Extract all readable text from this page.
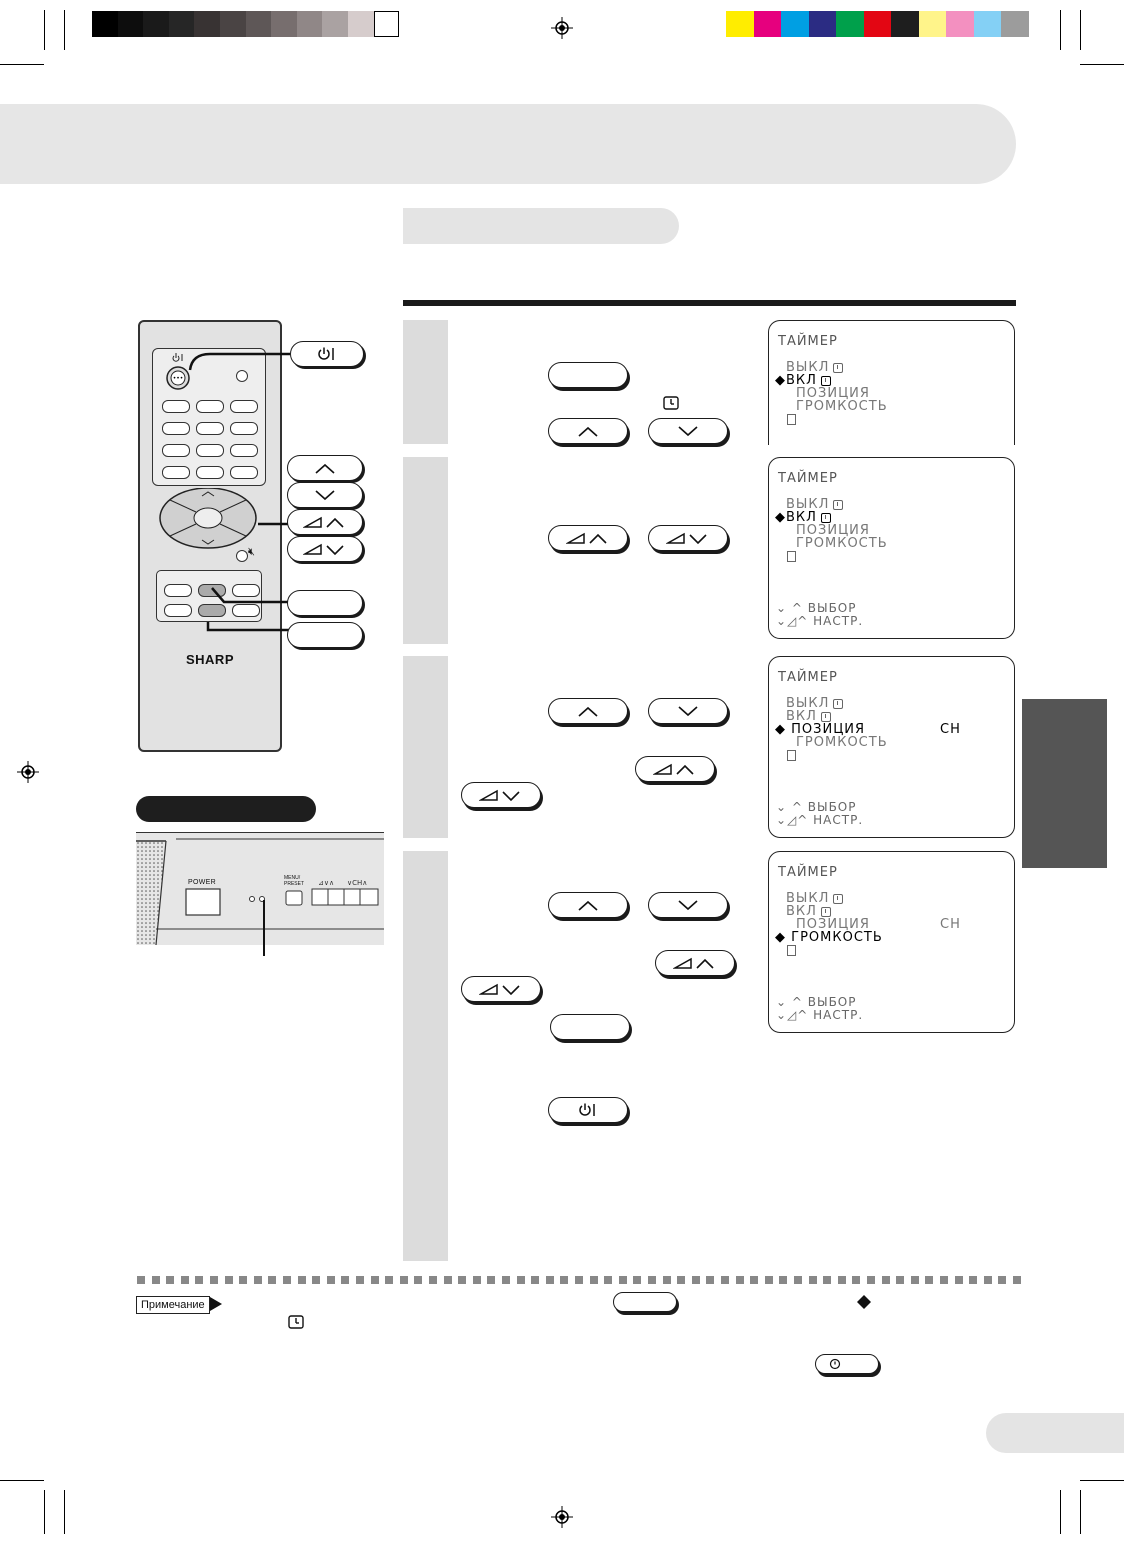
ТАЙМЕР
ВЫКЛ
◆ВКЛ
ПОЗИЦИЯ
ГРОМКОСТЬ
ТАЙМЕР
ВЫКЛ
◆ВКЛ
ПОЗИЦИЯ
ГРОМКОСТЬ
⌄ ^ ВЫБОР
⌄◿^ НАСТР.
ТАЙМЕР
ВЫКЛ
ВКЛ
◆ ПОЗИЦИЯ	CH
ГРОМКОСТЬ
⌄ ^ ВЫБОР
⌄◿^ НАСТР.
ТАЙМЕР
ВЫКЛ
ВКЛ
ПОЗИЦИЯ	CH
◆ ГРОМКОСТЬ
⌄ ^ ВЫБОР
⌄◿^ НАСТР.
•••
🔇︎
SHARP
⊿∨∧ ∨CH∧
POWER
MENU/ PRESET
Примечание
